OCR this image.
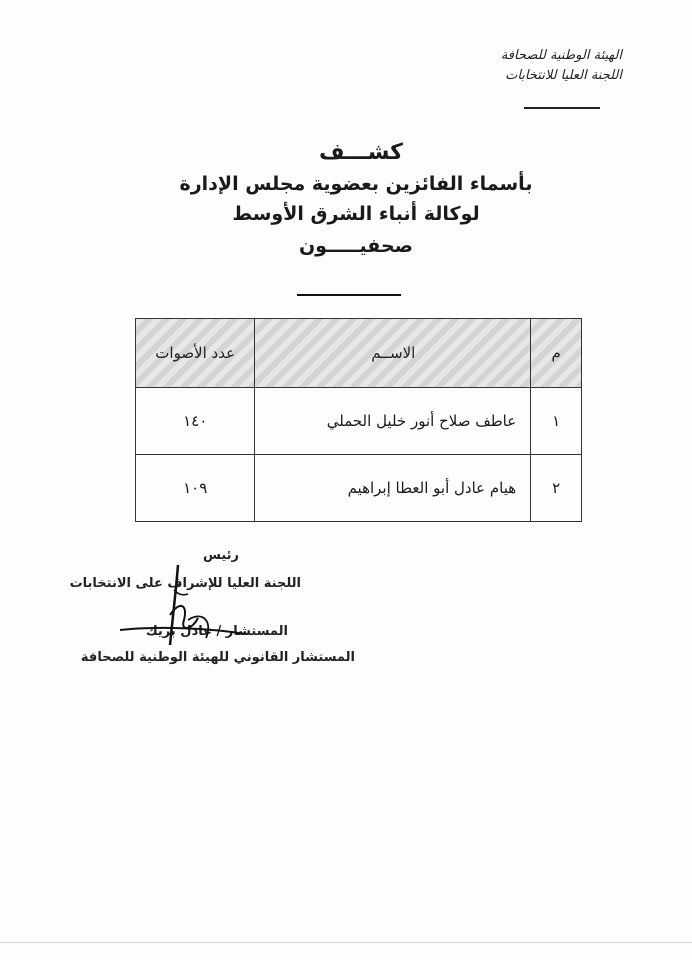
الهيئة الوطنية للصحافة
اللجنة العليا للانتخابات
كشـــف
بأسماء الفائزين بعضوية مجلس الإدارة
لوكالة أنباء الشرق الأوسط
صحفيـــــون
م	الاســم	عدد الأصوات
١	عاطف صلاح أنور خليل الحملي	١٤٠
٢	هيام عادل أبو العطا إبراهيم	١٠٩
رئيس
اللجنة العليا للإشراف على الانتخابات
المستشار / عادل بريك
المستشار القانوني للهيئة الوطنية للصحافة
